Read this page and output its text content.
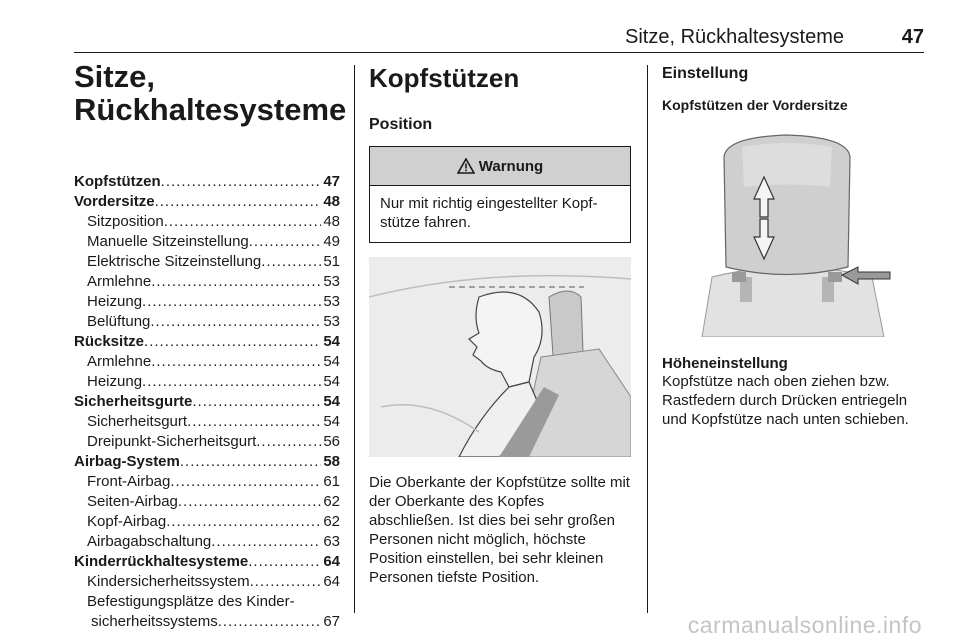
Sitze, Rückhaltesysteme	47
Sitze,
Rückhaltesysteme
Kopfstützen .....	47
Vordersitze .....	48
Sitzposition .....	48
Manuelle Sitzeinstellung .....	49
Elektrische Sitzeinstellung .....	51
Armlehne .....	53
Heizung .....	53
Belüftung .....	53
Rücksitze .....	54
Armlehne .....	54
Heizung .....	54
Sicherheitsgurte .....	54
Sicherheitsgurt .....	54
Dreipunkt-Sicherheitsgurt .....	56
Airbag-System .....	58
Front-Airbag .....	61
Seiten-Airbag .....	62
Kopf-Airbag .....	62
Airbagabschaltung .....	63
Kinderrückhaltesysteme .....	64
Kindersicherheitssystem .....	64
Befestigungsplätze des Kinder-
sicherheitssystems .....	67
Kopfstützen
Position
Warnung
Nur mit richtig eingestellter Kopf-stütze fahren.
Die Oberkante der Kopfstütze sollte mit der Oberkante des Kopfes abschließen. Ist dies bei sehr großen Personen nicht möglich, höchste Position einstellen, bei sehr kleinen Personen tiefste Position.
Einstellung
Kopfstützen der Vordersitze
Höheneinstellung
Kopfstütze nach oben ziehen bzw. Rastfedern durch Drücken entriegeln und Kopfstütze nach unten schieben.
carmanualsonline.info
